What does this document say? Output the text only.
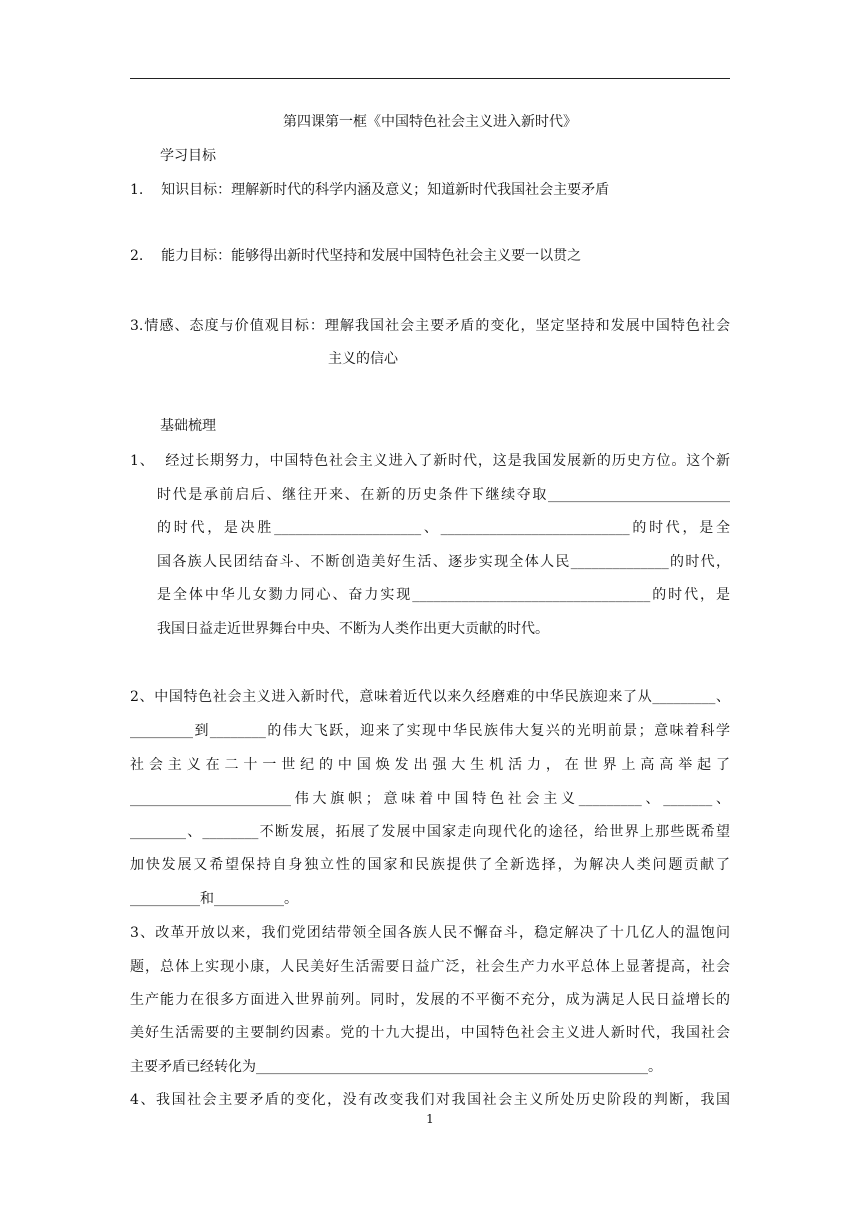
第四课第一框《中国特色社会主义进入新时代》
学习目标
1.    知识目标：理解新时代的科学内涵及意义；知道新时代我国社会主要矛盾
2.    能力目标：能够得出新时代坚持和发展中国特色社会主义要一以贯之
3.情感、态度与价值观目标：理解我国社会主要矛盾的变化，坚定坚持和发展中国特色社会
主义的信心
基础梳理
1、  经过长期努力，中国特色社会主义进入了新时代，这是我国发展新的历史方位。这个新
时代是承前启后、继往开来、在新的历史条件下继续夺取__________________________
的时代，是决胜_____________________、___________________________的时代，是全
国各族人民团结奋斗、不断创造美好生活、逐步实现全体人民______________的时代，
是全体中华儿女勠力同心、奋力实现__________________________________的时代，是
我国日益走近世界舞台中央、不断为人类作出更大贡献的时代。
2、中国特色社会主义进入新时代，意味着近代以来久经磨难的中华民族迎来了从_________、
_________到________的伟大飞跃，迎来了实现中华民族伟大复兴的光明前景；意味着科学
社会主义在二十一世纪的中国焕发出强大生机活力，在世界上高高举起了
_______________________伟大旗帜；意味着中国特色社会主义_________、_______、
________、________不断发展，拓展了发展中国家走向现代化的途径，给世界上那些既希望
加快发展又希望保持自身独立性的国家和民族提供了全新选择，为解决人类问题贡献了
__________和__________。
3、改革开放以来，我们党团结带领全国各族人民不懈奋斗，稳定解决了十几亿人的温饱问
题，总体上实现小康，人民美好生活需要日益广泛，社会生产力水平总体上显著提高，社会
生产能力在很多方面进入世界前列。同时，发展的不平衡不充分，成为满足人民日益增长的
美好生活需要的主要制约因素。党的十九大提出，中国特色社会主义进人新时代，我国社会
主要矛盾已经转化为________________________________________________________。
4、我国社会主要矛盾的变化，没有改变我们对我国社会主义所处历史阶段的判断，我国
1
